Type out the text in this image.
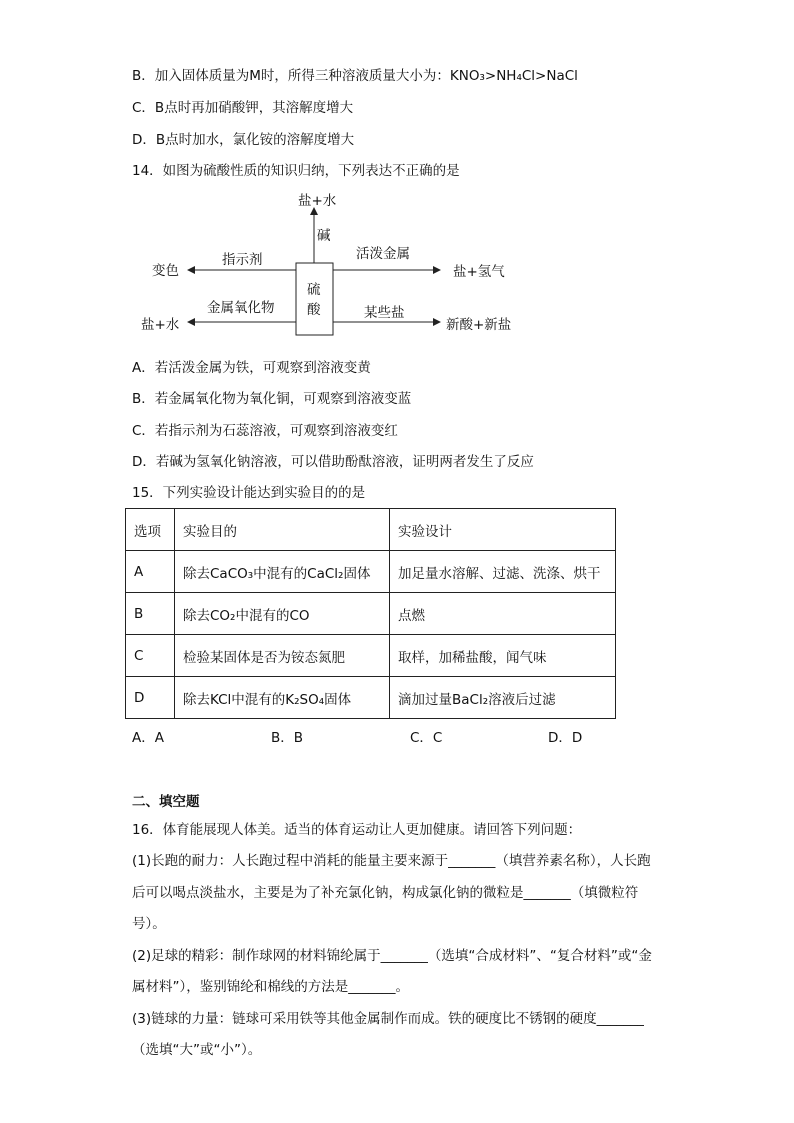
B．加入固体质量为M时，所得三种溶液质量大小为：KNO₃>NH₄Cl>NaCl
C．B点时再加硝酸钾，其溶解度增大
D．B点时加水，氯化铵的溶解度增大
14．如图为硫酸性质的知识归纳，下列表达不正确的是
盐+水
碱
硫
酸
指示剂
变色
金属氧化物
盐+水
活泼金属
盐+氢气
某些盐
新酸+新盐
A．若活泼金属为铁，可观察到溶液变黄
B．若金属氧化物为氧化铜，可观察到溶液变蓝
C．若指示剂为石蕊溶液，可观察到溶液变红
D．若碱为氢氧化钠溶液，可以借助酚酞溶液，证明两者发生了反应
15．下列实验设计能达到实验目的的是
选项	实验目的	实验设计
A	除去CaCO₃中混有的CaCl₂固体	加足量水溶解、过滤、洗涤、烘干
B	除去CO₂中混有的CO	点燃
C	检验某固体是否为铵态氮肥	取样，加稀盐酸，闻气味
D	除去KCl中混有的K₂SO₄固体	滴加过量BaCl₂溶液后过滤
A．A	B．B	C．C	D．D
二、填空题
16．体育能展现人体美。适当的体育运动让人更加健康。请回答下列问题：
(1)长跑的耐力：人长跑过程中消耗的能量主要来源于_______（填营养素名称），人长跑
后可以喝点淡盐水，主要是为了补充氯化钠，构成氯化钠的微粒是_______（填微粒符
号）。
(2)足球的精彩：制作球网的材料锦纶属于_______（选填“合成材料”、“复合材料”或“金
属材料”），鉴别锦纶和棉线的方法是_______。
(3)链球的力量：链球可采用铁等其他金属制作而成。铁的硬度比不锈钢的硬度_______
（选填“大”或“小”）。
